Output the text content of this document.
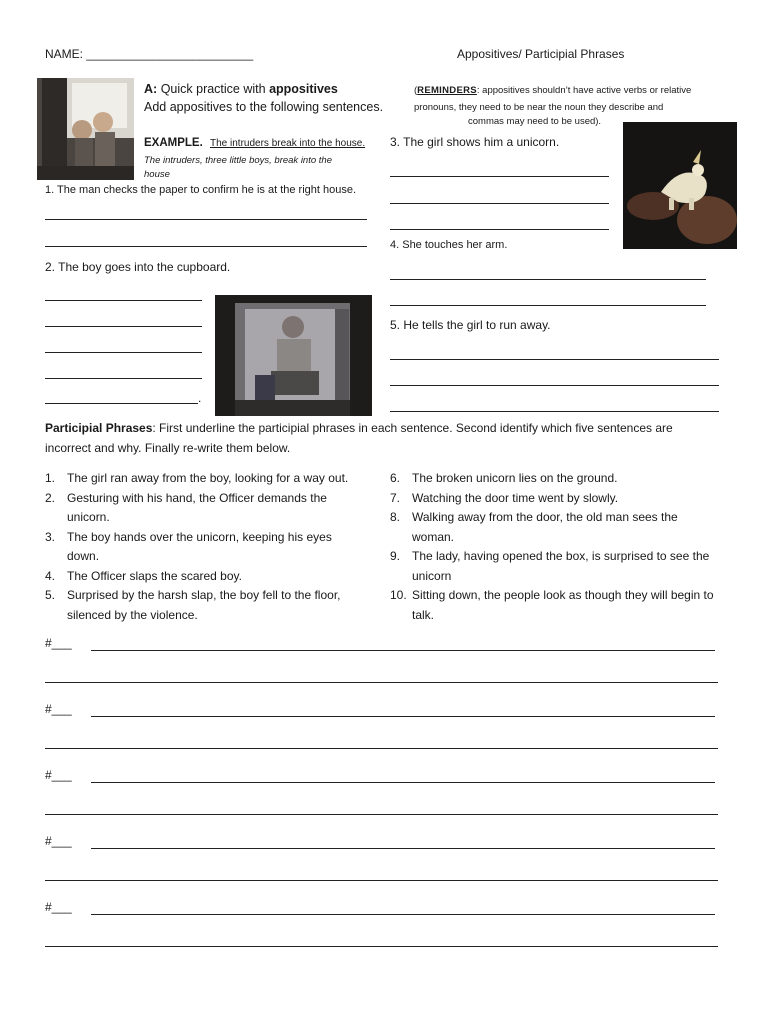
NAME: _________________________	Appositives/ Participial Phrases
A: Quick practice with appositives
Add appositives to the following sentences.
EXAMPLE. The intruders break into the house.
The intruders, three little boys, break into the
house
(REMINDERS: appositives shouldn’t have active verbs or relative
pronouns, they need to be near the noun they describe and
commas may need to be used).
1. The man checks the paper to confirm he is at the right house.
2. The boy goes into the cupboard.
.
3. The girl shows him a unicorn.
4. She touches her arm.
5. He tells the girl to run away.
Participial Phrases: First underline the participial phrases in each sentence. Second identify which five sentences are
incorrect and why. Finally re-write them below.
1. The girl ran away from the boy, looking for a way out.
2. Gesturing with his hand, the Officer demands the unicorn.
3. The boy hands over the unicorn, keeping his eyes down.
4. The Officer slaps the scared boy.
5. Surprised by the harsh slap, the boy fell to the floor, silenced by the violence.
6. The broken unicorn lies on the ground.
7. Watching the door time went by slowly.
8. Walking away from the door, the old man sees the woman.
9. The lady, having opened the box, is surprised to see the unicorn
10. Sitting down, the people look as though they will begin to talk.
#___
#___
#___
#___
#___
